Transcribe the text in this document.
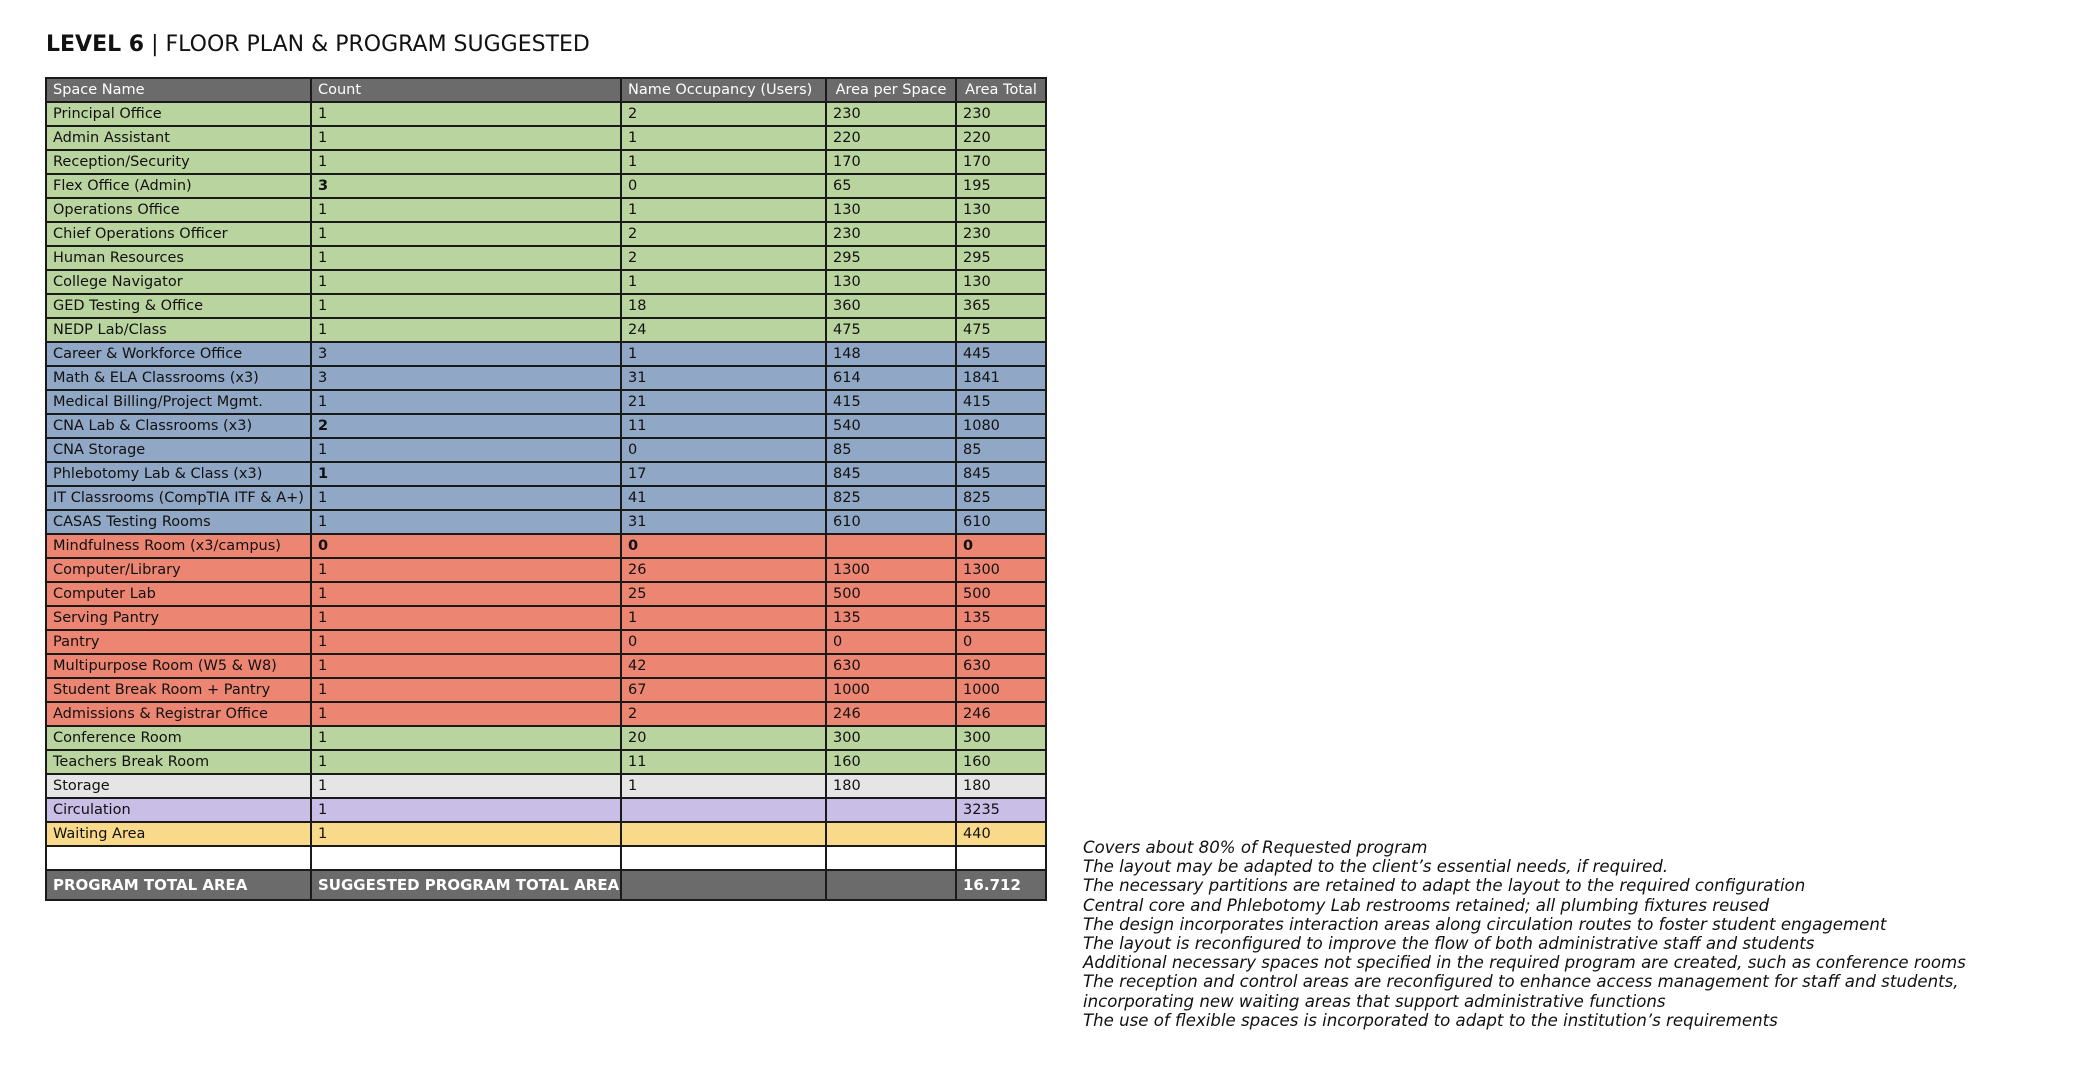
LEVEL 6 | FLOOR PLAN & PROGRAM SUGGESTED
Space Name	Count	Name Occupancy (Users)	Area per Space	Area Total
Principal Office	1	2	230	230
Admin Assistant	1	1	220	220
Reception/Security	1	1	170	170
Flex Office (Admin)	3	0	65	195
Operations Office	1	1	130	130
Chief Operations Officer	1	2	230	230
Human Resources	1	2	295	295
College Navigator	1	1	130	130
GED Testing & Office	1	18	360	365
NEDP Lab/Class	1	24	475	475
Career & Workforce Office	3	1	148	445
Math & ELA Classrooms (x3)	3	31	614	1841
Medical Billing/Project Mgmt.	1	21	415	415
CNA Lab & Classrooms (x3)	2	11	540	1080
CNA Storage	1	0	85	85
Phlebotomy Lab & Class (x3)	1	17	845	845
IT Classrooms (CompTIA ITF & A+)	1	41	825	825
CASAS Testing Rooms	1	31	610	610
Mindfulness Room (x3/campus)	0	0		0
Computer/Library	1	26	1300	1300
Computer Lab	1	25	500	500
Serving Pantry	1	1	135	135
Pantry	1	0	0	0
Multipurpose Room (W5 & W8)	1	42	630	630
Student Break Room + Pantry	1	67	1000	1000
Admissions & Registrar Office	1	2	246	246
Conference Room	1	20	300	300
Teachers Break Room	1	11	160	160
Storage	1	1	180	180
Circulation	1			3235
Waiting Area	1			440

PROGRAM TOTAL AREA	SUGGESTED PROGRAM TOTAL AREA			16.712
Covers about 80% of Requested program
The layout may be adapted to the client’s essential needs, if required.
The necessary partitions are retained to adapt the layout to the required configuration
Central core and Phlebotomy Lab restrooms retained; all plumbing fixtures reused
The design incorporates interaction areas along circulation routes to foster student engagement
The layout is reconfigured to improve the flow of both administrative staff and students
Additional necessary spaces not specified in the required program are created, such as conference rooms
The reception and control areas are reconfigured to enhance access management for staff and students,
incorporating new waiting areas that support administrative functions
The use of flexible spaces is incorporated to adapt to the institution’s requirements
